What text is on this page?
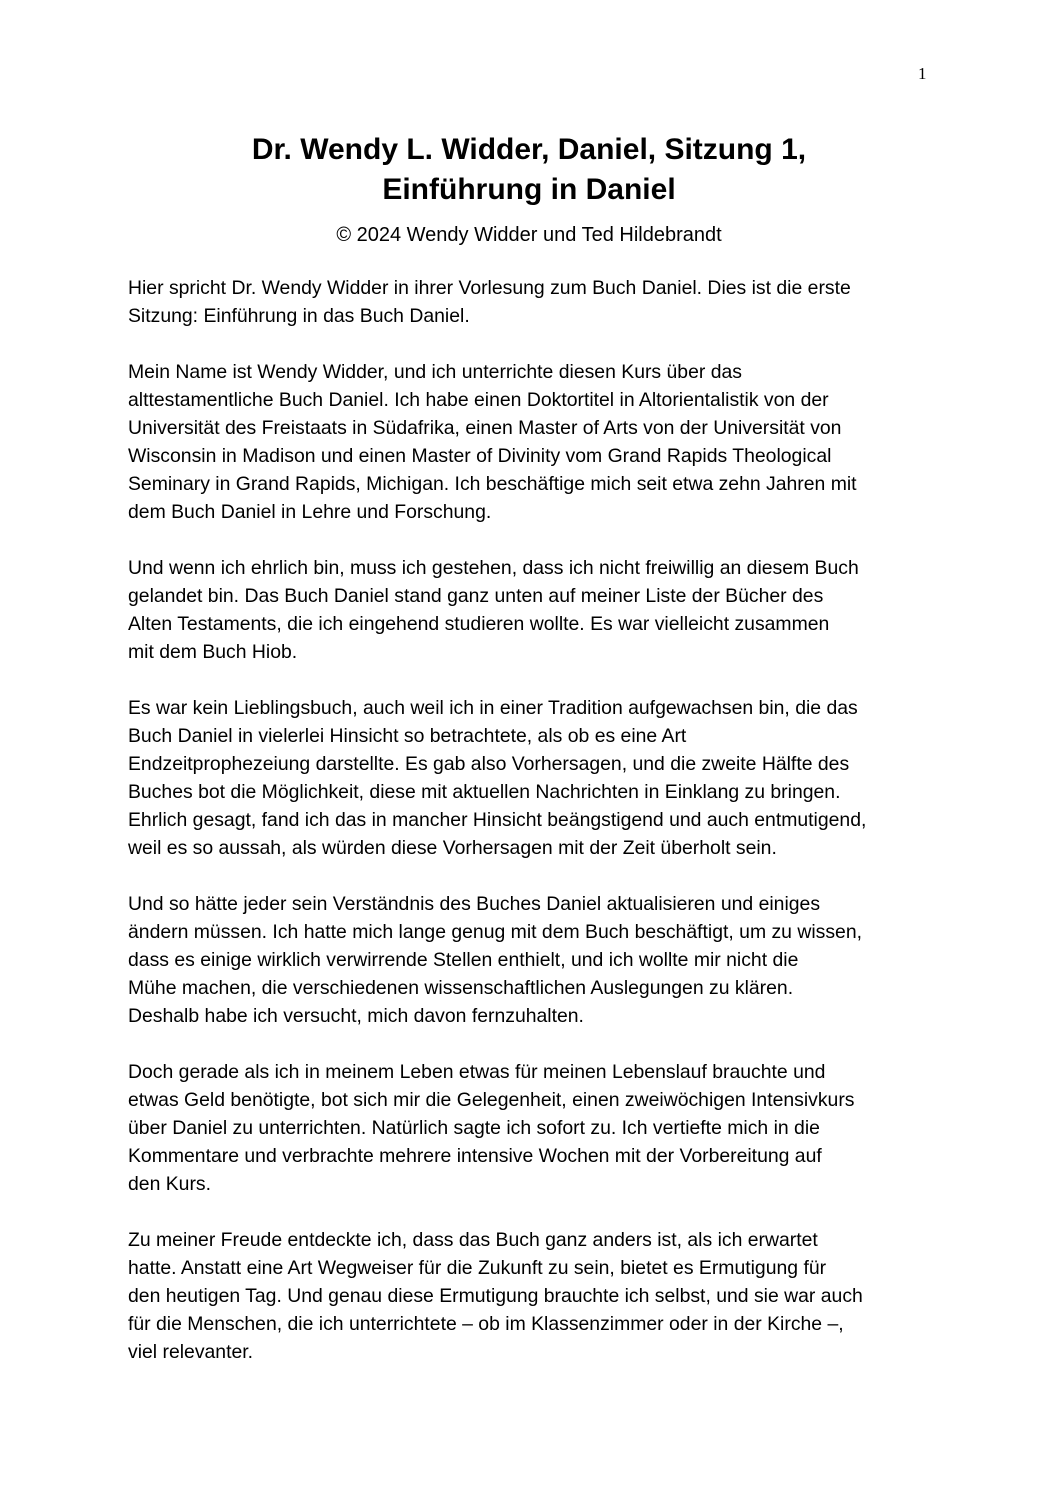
1
Dr. Wendy L. Widder, Daniel, Sitzung 1,
Einführung in Daniel
© 2024 Wendy Widder und Ted Hildebrandt
Hier spricht Dr. Wendy Widder in ihrer Vorlesung zum Buch Daniel. Dies ist die erste
Sitzung: Einführung in das Buch Daniel.
Mein Name ist Wendy Widder, und ich unterrichte diesen Kurs über das
alttestamentliche Buch Daniel. Ich habe einen Doktortitel in Altorientalistik von der
Universität des Freistaats in Südafrika, einen Master of Arts von der Universität von
Wisconsin in Madison und einen Master of Divinity vom Grand Rapids Theological
Seminary in Grand Rapids, Michigan. Ich beschäftige mich seit etwa zehn Jahren mit
dem Buch Daniel in Lehre und Forschung.
Und wenn ich ehrlich bin, muss ich gestehen, dass ich nicht freiwillig an diesem Buch
gelandet bin. Das Buch Daniel stand ganz unten auf meiner Liste der Bücher des
Alten Testaments, die ich eingehend studieren wollte. Es war vielleicht zusammen
mit dem Buch Hiob.
Es war kein Lieblingsbuch, auch weil ich in einer Tradition aufgewachsen bin, die das
Buch Daniel in vielerlei Hinsicht so betrachtete, als ob es eine Art
Endzeitprophezeiung darstellte. Es gab also Vorhersagen, und die zweite Hälfte des
Buches bot die Möglichkeit, diese mit aktuellen Nachrichten in Einklang zu bringen.
Ehrlich gesagt, fand ich das in mancher Hinsicht beängstigend und auch entmutigend,
weil es so aussah, als würden diese Vorhersagen mit der Zeit überholt sein.
Und so hätte jeder sein Verständnis des Buches Daniel aktualisieren und einiges
ändern müssen. Ich hatte mich lange genug mit dem Buch beschäftigt, um zu wissen,
dass es einige wirklich verwirrende Stellen enthielt, und ich wollte mir nicht die
Mühe machen, die verschiedenen wissenschaftlichen Auslegungen zu klären.
Deshalb habe ich versucht, mich davon fernzuhalten.
Doch gerade als ich in meinem Leben etwas für meinen Lebenslauf brauchte und
etwas Geld benötigte, bot sich mir die Gelegenheit, einen zweiwöchigen Intensivkurs
über Daniel zu unterrichten. Natürlich sagte ich sofort zu. Ich vertiefte mich in die
Kommentare und verbrachte mehrere intensive Wochen mit der Vorbereitung auf
den Kurs.
Zu meiner Freude entdeckte ich, dass das Buch ganz anders ist, als ich erwartet
hatte. Anstatt eine Art Wegweiser für die Zukunft zu sein, bietet es Ermutigung für
den heutigen Tag. Und genau diese Ermutigung brauchte ich selbst, und sie war auch
für die Menschen, die ich unterrichtete – ob im Klassenzimmer oder in der Kirche –,
viel relevanter.
